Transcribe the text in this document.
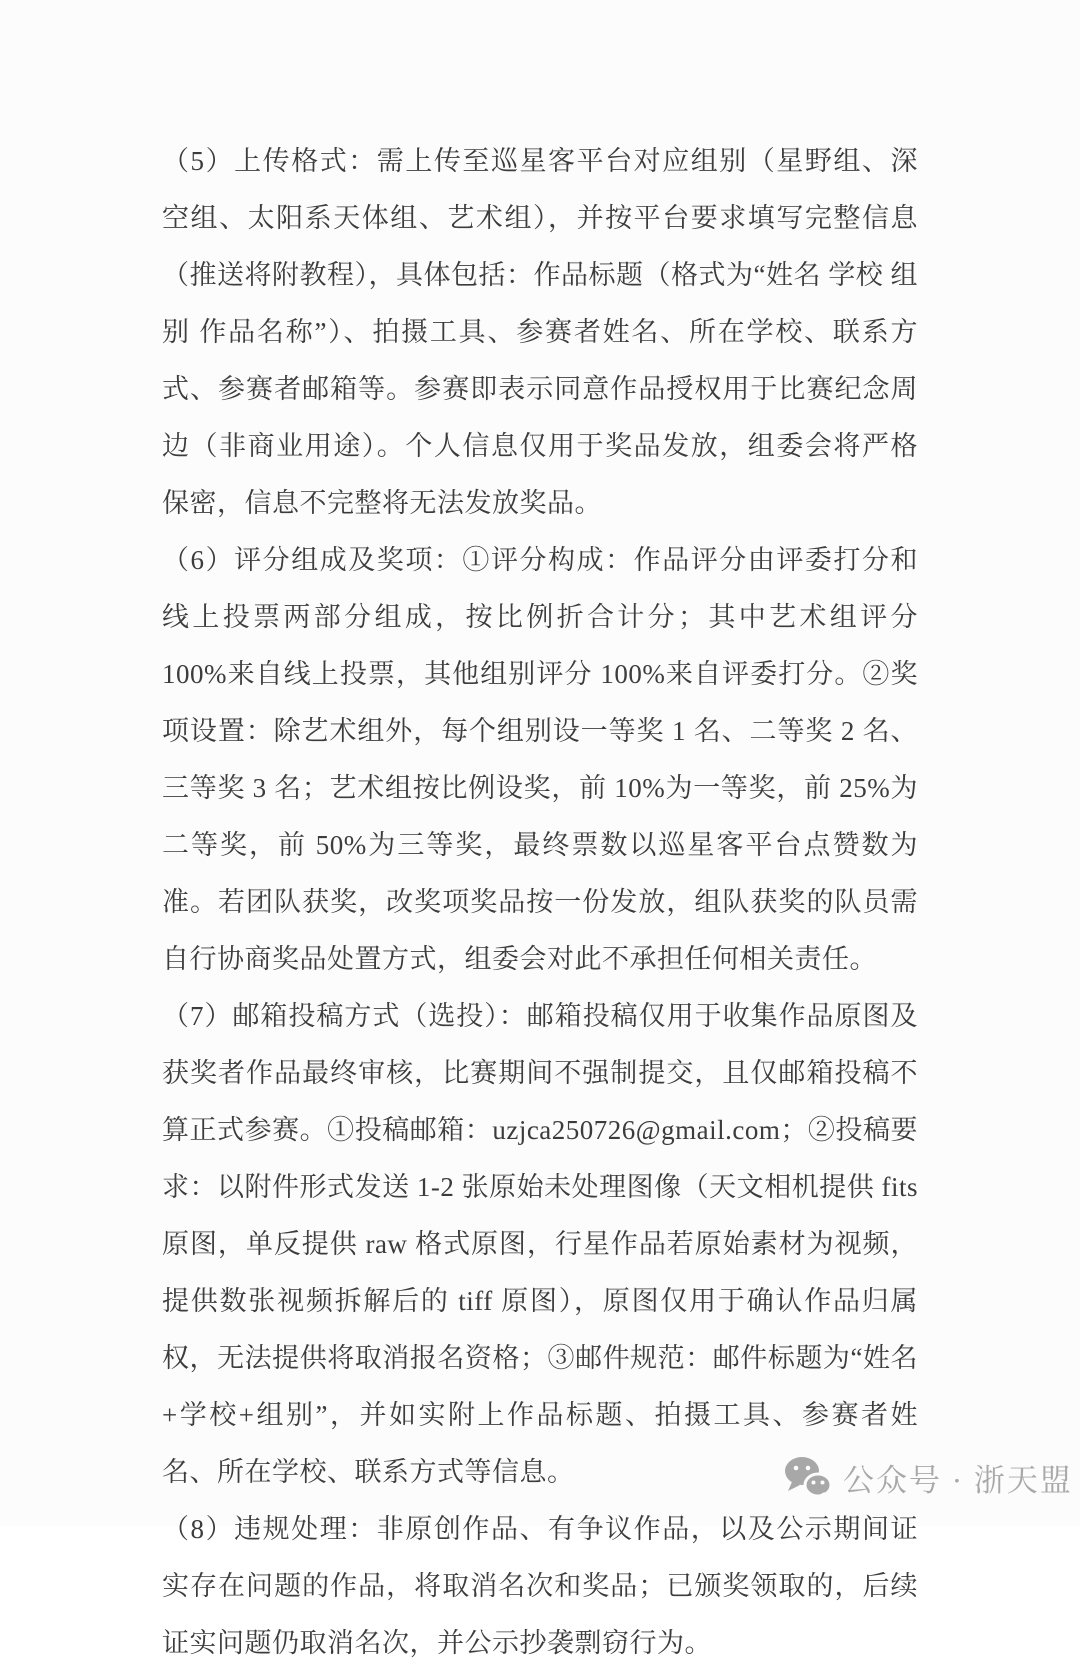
（5）上传格式：需上传至巡星客平台对应组别（星野组、深空组、太阳系天体组、艺术组），并按平台要求填写完整信息（推送将附教程），具体包括：作品标题（格式为“姓名 学校 组别 作品名称”）、拍摄工具、参赛者姓名、所在学校、联系方式、参赛者邮箱等。参赛即表示同意作品授权用于比赛纪念周边（非商业用途）。个人信息仅用于奖品发放，组委会将严格保密，信息不完整将无法发放奖品。

（6）评分组成及奖项：①评分构成：作品评分由评委打分和线上投票两部分组成，按比例折合计分；其中艺术组评分 100%来自线上投票，其他组别评分 100%来自评委打分。②奖项设置：除艺术组外，每个组别设一等奖 1 名、二等奖 2 名、三等奖 3 名；艺术组按比例设奖，前 10%为一等奖，前 25%为二等奖，前 50%为三等奖，最终票数以巡星客平台点赞数为准。若团队获奖，改奖项奖品按一份发放，组队获奖的队员需自行协商奖品处置方式，组委会对此不承担任何相关责任。

（7）邮箱投稿方式（选投）：邮箱投稿仅用于收集作品原图及获奖者作品最终审核，比赛期间不强制提交，且仅邮箱投稿不算正式参赛。①投稿邮箱：uzjca250726@gmail.com；②投稿要求：以附件形式发送 1-2 张原始未处理图像（天文相机提供 fits 原图，单反提供 raw 格式原图，行星作品若原始素材为视频，提供数张视频拆解后的 tiff 原图），原图仅用于确认作品归属权，无法提供将取消报名资格；③邮件规范：邮件标题为“姓名+学校+组别”，并如实附上作品标题、拍摄工具、参赛者姓名、所在学校、联系方式等信息。

（8）违规处理：非原创作品、有争议作品，以及公示期间证实存在问题的作品，将取消名次和奖品；已颁奖领取的，后续证实问题仍取消名次，并公示抄袭剽窃行为。

公众号 · 浙天盟
